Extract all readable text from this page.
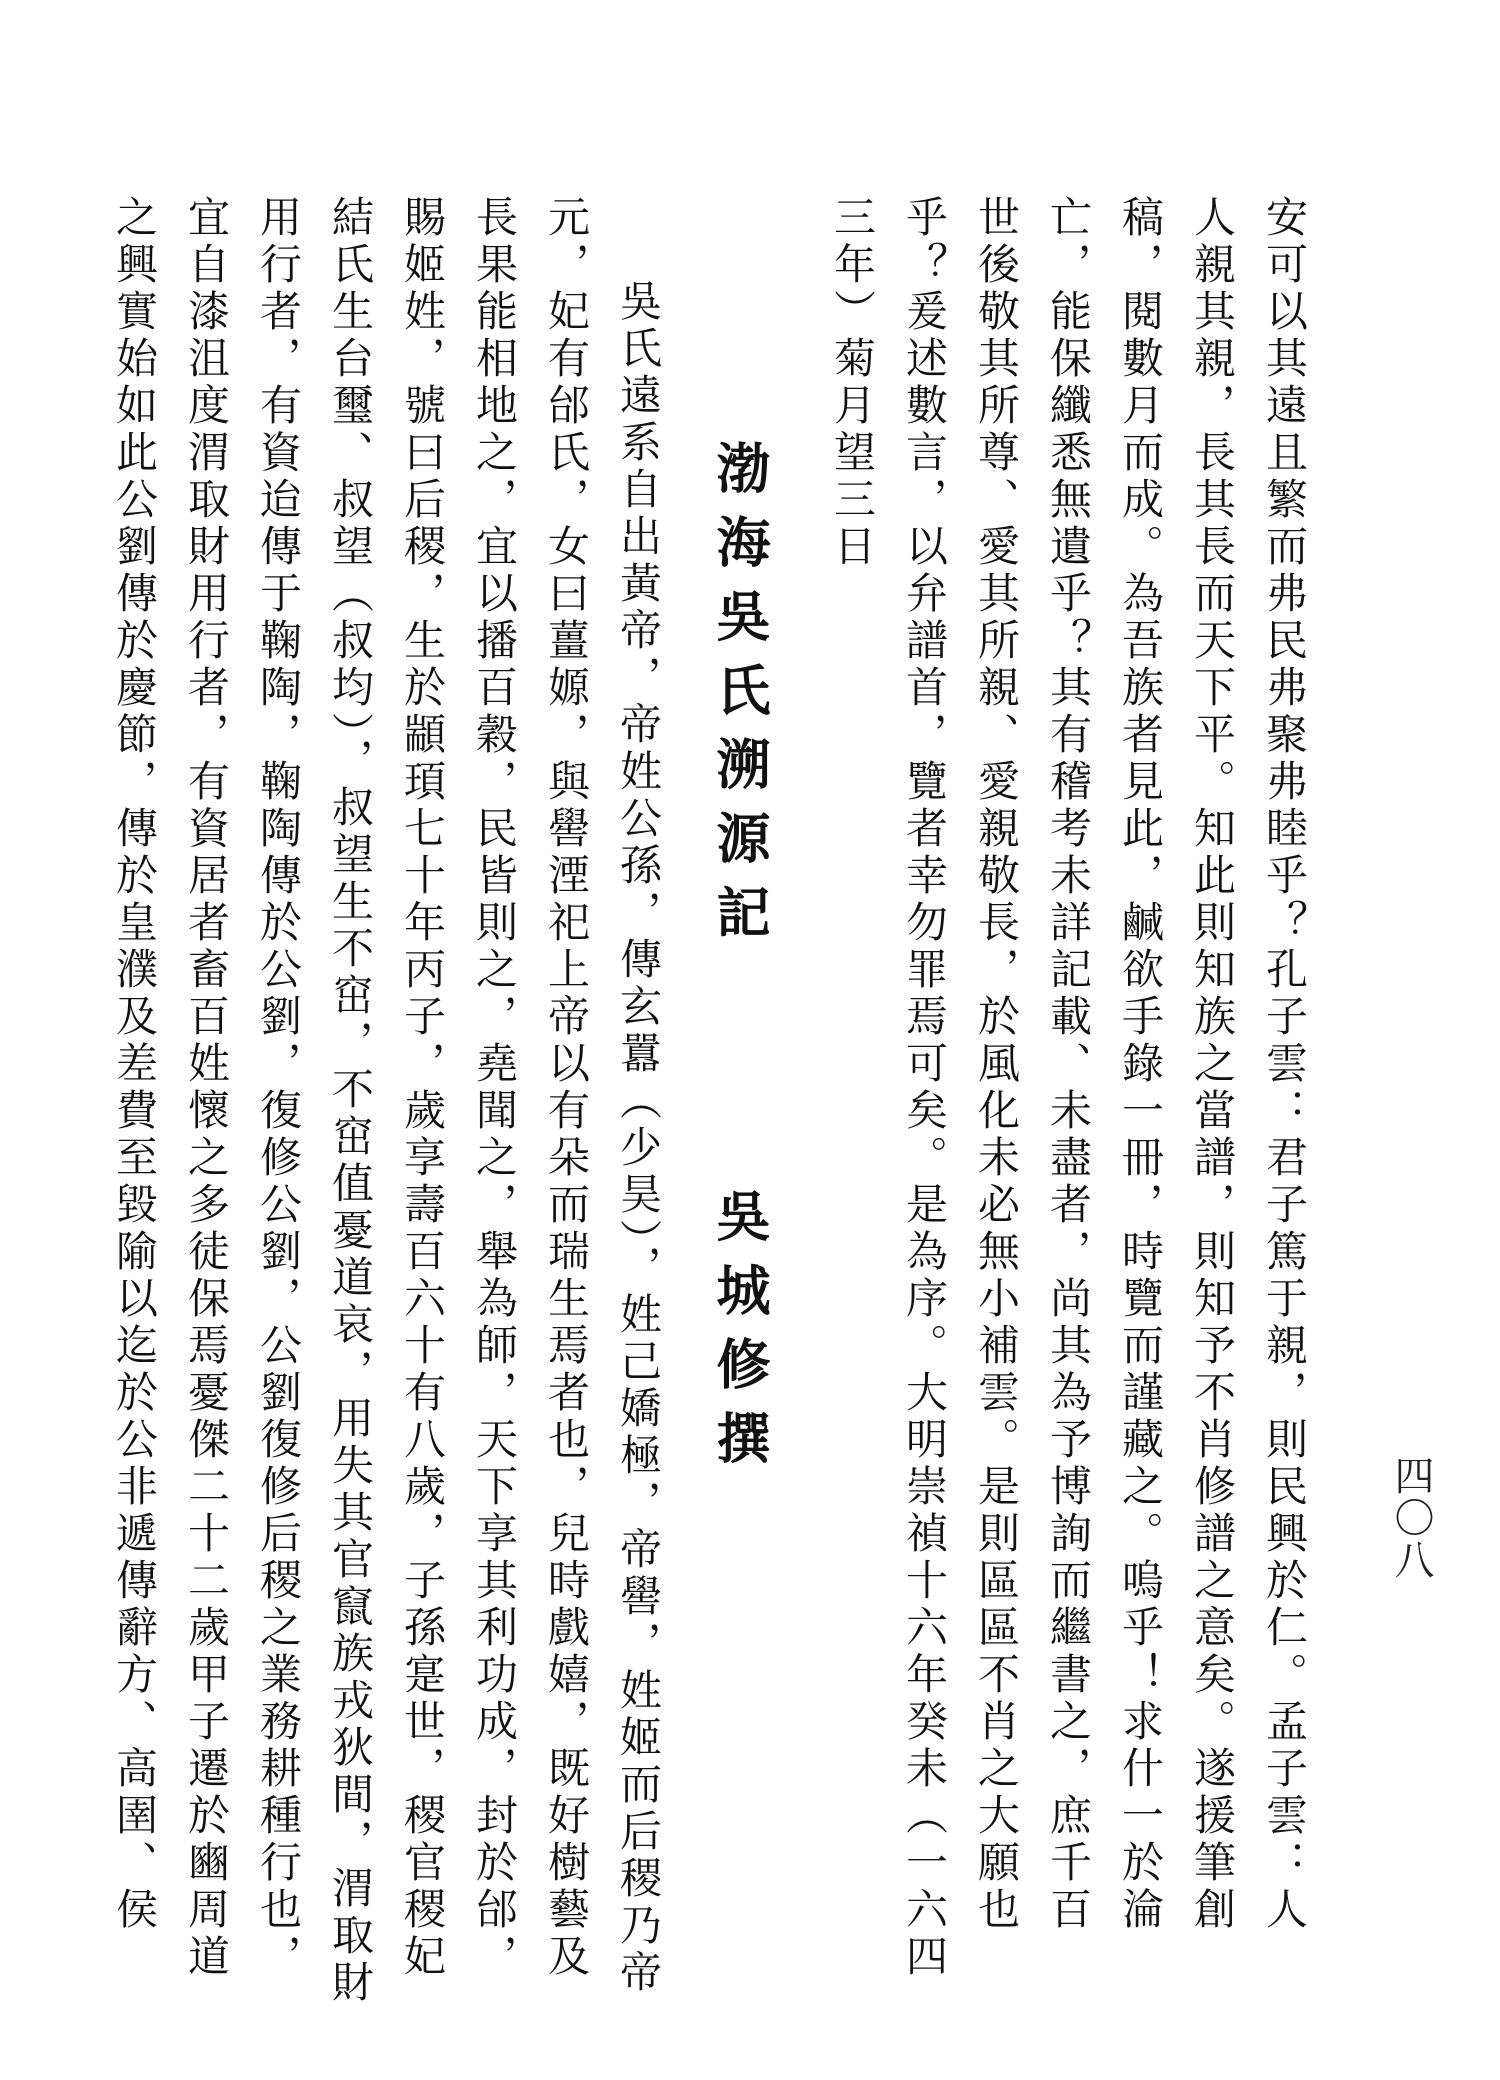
四〇八

安可以其遠且繁而弗民弗聚弗睦乎？孔子雲：君子篤于親，則民興於仁。孟子雲：人

人親其親，長其長而天下平。知此則知族之當譜，則知予不肖修譜之意矣。遂援筆創

稿，閱數月而成。為吾族者見此，鹹欲手錄一冊，時覽而謹藏之。嗚乎！求什一於淪

亡，能保纖悉無遺乎？其有稽考未詳記載、未盡者，尚其為予博詢而繼書之，庶千百

世後敬其所尊、愛其所親、愛親敬長，於風化未必無小補雲。是則區區不肖之大願也

乎？爰述數言，以弁譜首，覽者幸勿罪焉可矣。是為序。大明崇禎十六年癸未（一六四

三年）菊月望三日

渤海吳氏溯源記吳城修撰

吳氏遠系自出黃帝，帝姓公孫，傳玄囂（少昊），姓己嬌極，帝嚳，姓姬而后稷乃帝

元，妃有邰氏，女曰薑嫄，與嚳湮祀上帝以有朵而瑞生焉者也，兒時戲嬉，既好樹藝及

長果能相地之，宜以播百穀，民皆則之，堯聞之，舉為師，天下享其利功成，封於邰，

賜姬姓，號曰后稷，生於顓頊七十年丙子，歲享壽百六十有八歲，子孫寔世，稷官稷妃

結氏生台璽、叔望（叔均），叔望生不窋，不窋值憂道哀，用失其官竄族戎狄間，渭取財

用行者，有資迨傳于鞠陶，鞠陶傳於公劉，復修公劉，公劉復修后稷之業務耕種行也，

宜自漆沮度渭取財用行者，有資居者畜百姓懷之多徒保焉憂傑二十二歲甲子遷於豳周道

之興實始如此公劉傳於慶節，傳於皇濮及差費至毀隃以迄於公非遞傳辭方、高圉、侯
